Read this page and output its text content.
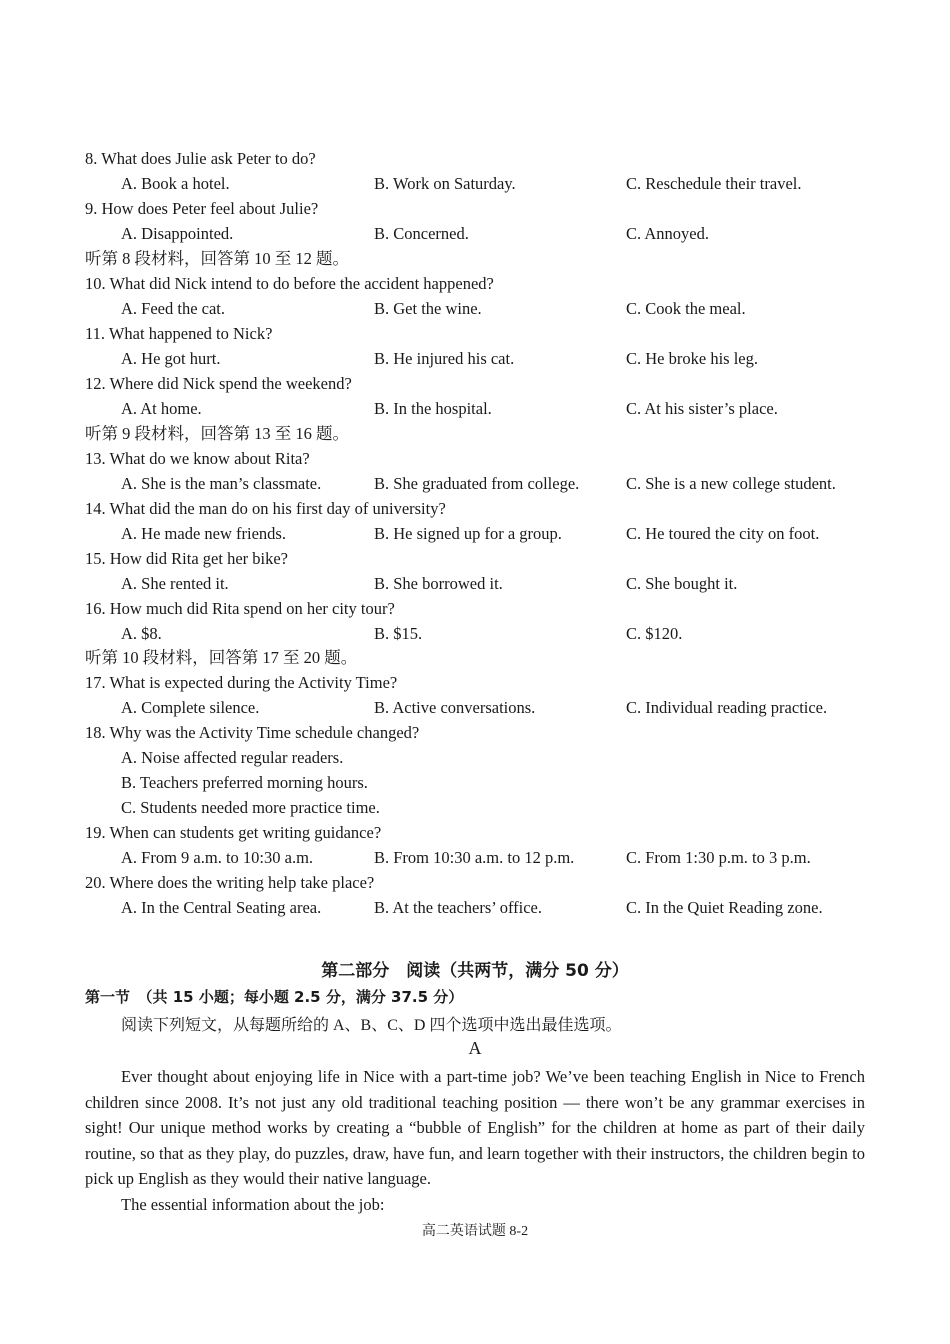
8. What does Julie ask Peter to do?
A. Book a hotel.	B. Work on Saturday.	C. Reschedule their travel.
9. How does Peter feel about Julie?
A. Disappointed.	B. Concerned.	C. Annoyed.
听第 8 段材料，回答第 10 至 12 题。
10. What did Nick intend to do before the accident happened?
A. Feed the cat.	B. Get the wine.	C. Cook the meal.
11. What happened to Nick?
A. He got hurt.	B. He injured his cat.	C. He broke his leg.
12. Where did Nick spend the weekend?
A. At home.	B. In the hospital.	C. At his sister’s place.
听第 9 段材料，回答第 13 至 16 题。
13. What do we know about Rita?
A. She is the man’s classmate.	B. She graduated from college.	C. She is a new college student.
14. What did the man do on his first day of university?
A. He made new friends.	B. He signed up for a group.	C. He toured the city on foot.
15. How did Rita get her bike?
A. She rented it.	B. She borrowed it.	C. She bought it.
16. How much did Rita spend on her city tour?
A. $8.	B. $15.	C. $120.
听第 10 段材料，回答第 17 至 20 题。
17. What is expected during the Activity Time?
A. Complete silence.	B. Active conversations.	C. Individual reading practice.
18. Why was the Activity Time schedule changed?
A. Noise affected regular readers.
B. Teachers preferred morning hours.
C. Students needed more practice time.
19. When can students get writing guidance?
A. From 9 a.m. to 10:30 a.m.	B. From 10:30 a.m. to 12 p.m.	C. From 1:30 p.m. to 3 p.m.
20. Where does the writing help take place?
A. In the Central Seating area.	B. At the teachers’ office.	C. In the Quiet Reading zone.
第二部分　阅读（共两节，满分 50 分）
第一节　（共 15 小题；每小题 2.5 分，满分 37.5 分）
阅读下列短文，从每题所给的 A、B、C、D 四个选项中选出最佳选项。
A

Ever thought about enjoying life in Nice with a part-time job? We’ve been teaching English in Nice to French children since 2008. It’s not just any old traditional teaching position — there won’t be any grammar exercises in sight! Our unique method works by creating a “bubble of English” for the children at home as part of their daily routine, so that as they play, do puzzles, draw, have fun, and learn together with their instructors, the children begin to pick up English as they would their native language.

The essential information about the job:

高二英语试题 8-2
